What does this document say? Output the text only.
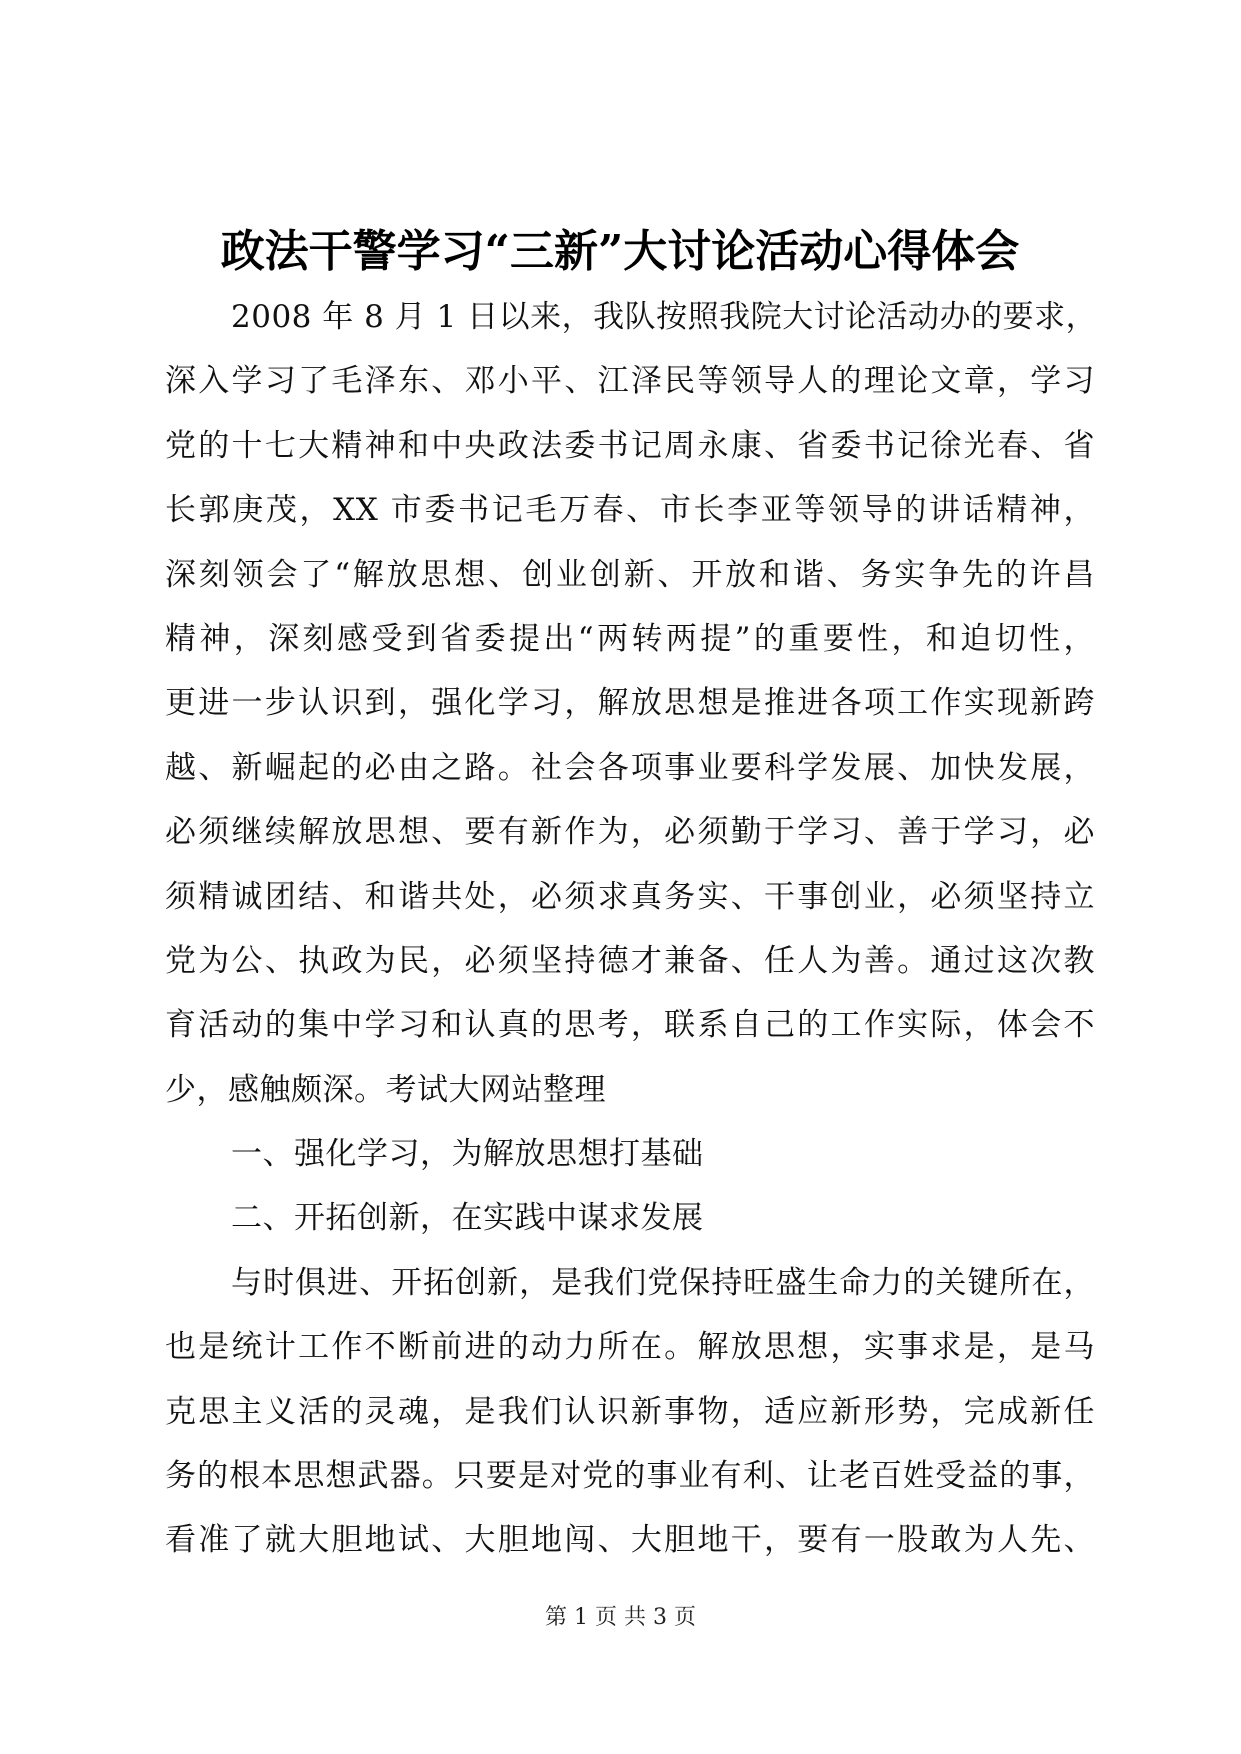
政法干警学习“三新”大讨论活动心得体会
2008 年 8 月 1 日以来，我队按照我院大讨论活动办的要求，
深入学习了毛泽东、邓小平、江泽民等领导人的理论文章，学习
党的十七大精神和中央政法委书记周永康、省委书记徐光春、省
长郭庚茂，XX 市委书记毛万春、市长李亚等领导的讲话精神，
深刻领会了“解放思想、创业创新、开放和谐、务实争先的许昌
精神，深刻感受到省委提出“两转两提”的重要性，和迫切性，
更进一步认识到，强化学习，解放思想是推进各项工作实现新跨
越、新崛起的必由之路。社会各项事业要科学发展、加快发展，
必须继续解放思想、要有新作为，必须勤于学习、善于学习，必
须精诚团结、和谐共处，必须求真务实、干事创业，必须坚持立
党为公、执政为民，必须坚持德才兼备、任人为善。通过这次教
育活动的集中学习和认真的思考，联系自己的工作实际，体会不
少，感触颇深。考试大网站整理
一、强化学习，为解放思想打基础
二、开拓创新，在实践中谋求发展
与时俱进、开拓创新，是我们党保持旺盛生命力的关键所在，
也是统计工作不断前进的动力所在。解放思想，实事求是，是马
克思主义活的灵魂，是我们认识新事物，适应新形势，完成新任
务的根本思想武器。只要是对党的事业有利、让老百姓受益的事，
看准了就大胆地试、大胆地闯、大胆地干，要有一股敢为人先、
第 1 页 共 3 页
